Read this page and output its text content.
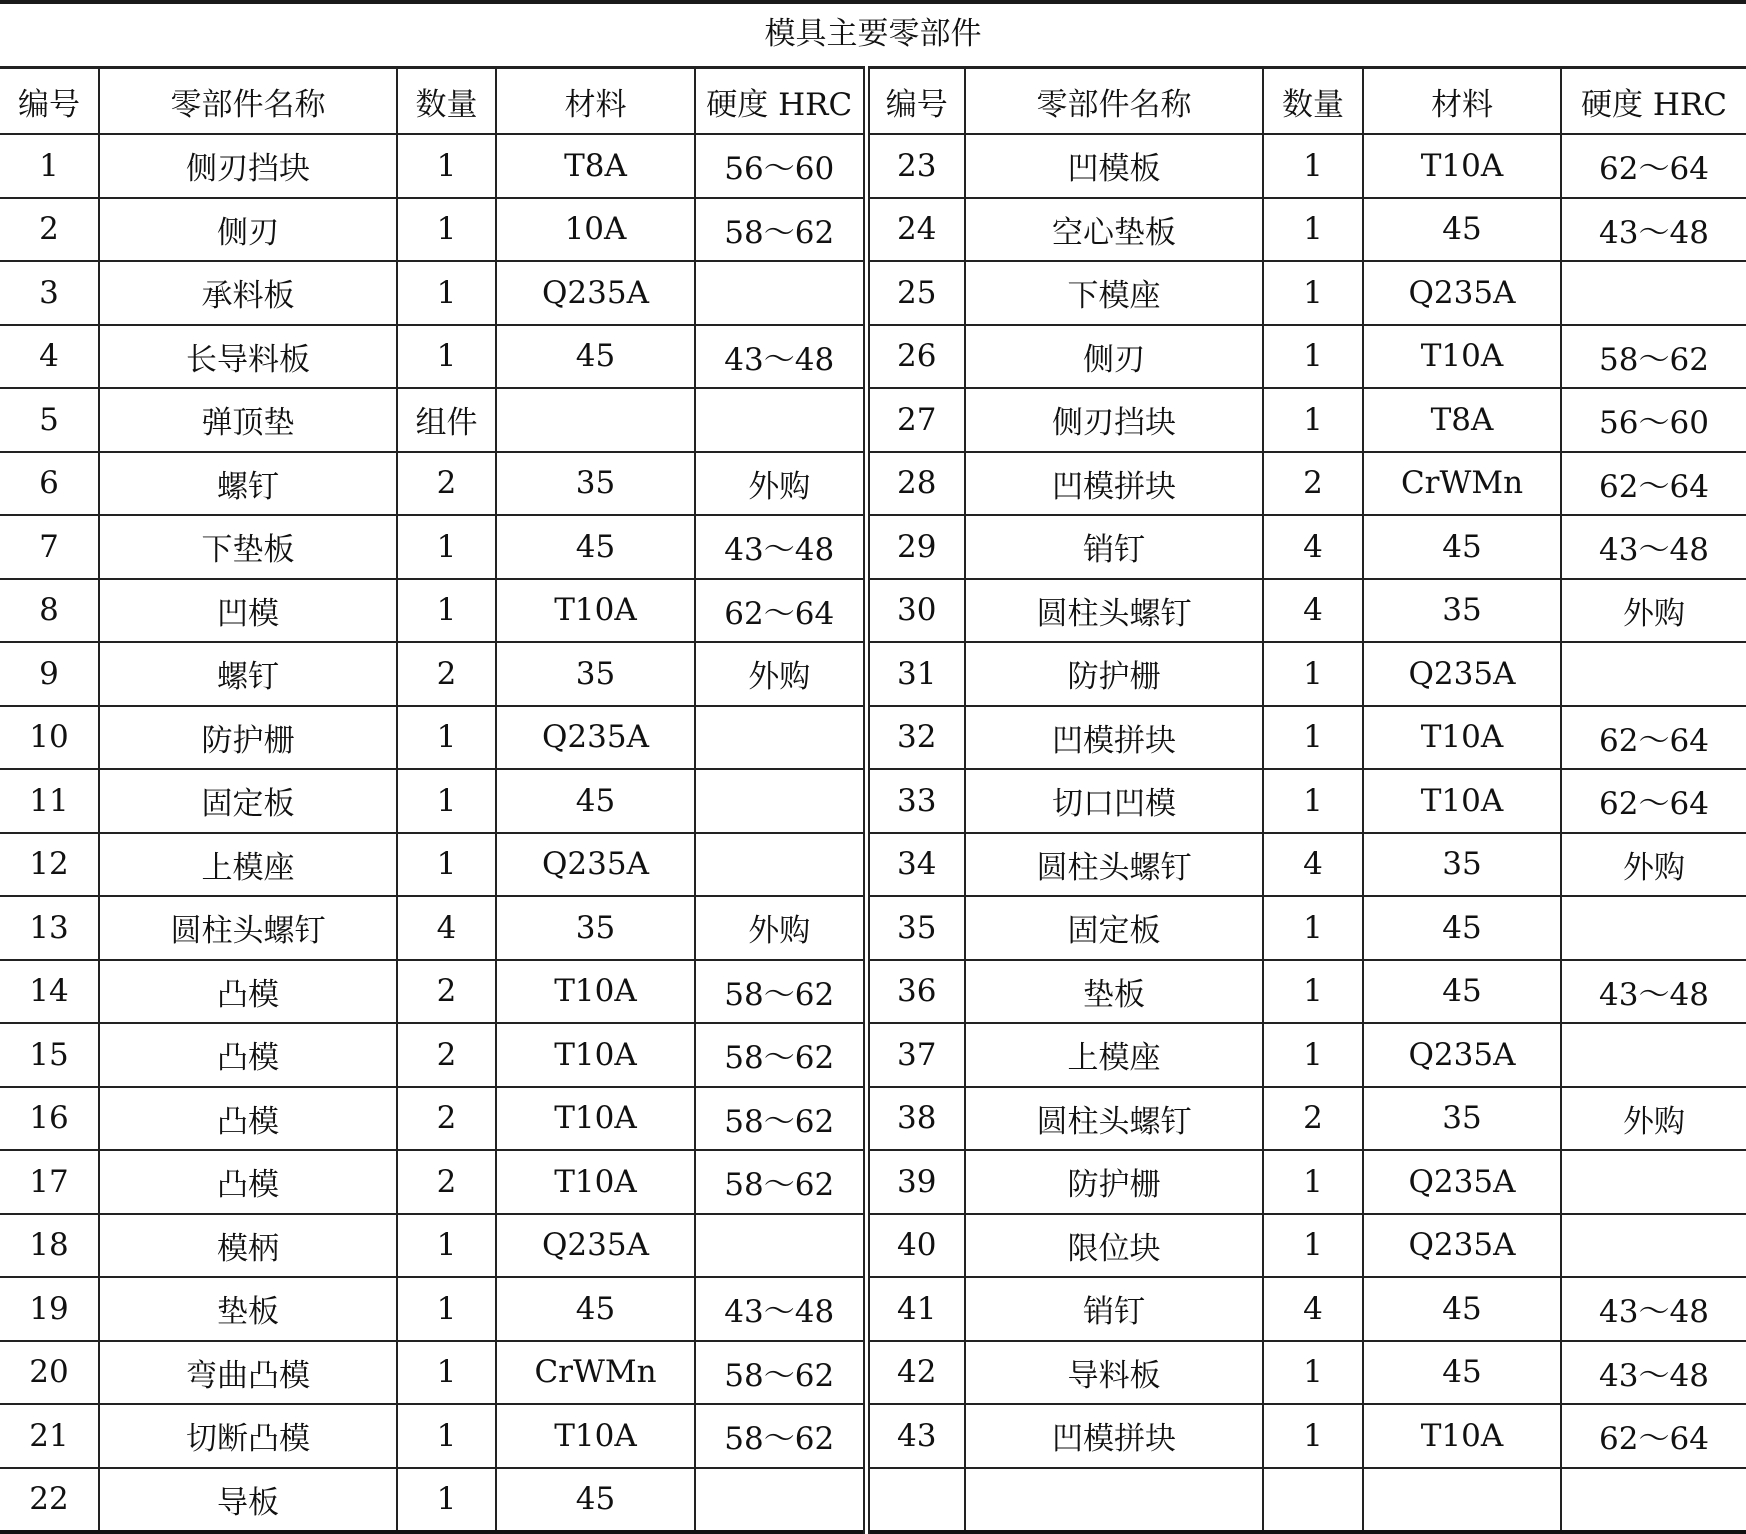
模具主要零部件
编号	零部件名称	数量	材料	硬度 HRC	编号	零部件名称	数量	材料	硬度 HRC
1	侧刃挡块	1	T8A	56～60	23	凹模板	1	T10A	62～64
2	侧刃	1	10A	58～62	24	空心垫板	1	45	43～48
3	承料板	1	Q235A		25	下模座	1	Q235A	
4	长导料板	1	45	43～48	26	侧刃	1	T10A	58～62
5	弹顶垫	组件			27	侧刃挡块	1	T8A	56～60
6	螺钉	2	35	外购	28	凹模拼块	2	CrWMn	62～64
7	下垫板	1	45	43～48	29	销钉	4	45	43～48
8	凹模	1	T10A	62～64	30	圆柱头螺钉	4	35	外购
9	螺钉	2	35	外购	31	防护栅	1	Q235A	
10	防护栅	1	Q235A		32	凹模拼块	1	T10A	62～64
11	固定板	1	45		33	切口凹模	1	T10A	62～64
12	上模座	1	Q235A		34	圆柱头螺钉	4	35	外购
13	圆柱头螺钉	4	35	外购	35	固定板	1	45	
14	凸模	2	T10A	58～62	36	垫板	1	45	43～48
15	凸模	2	T10A	58～62	37	上模座	1	Q235A	
16	凸模	2	T10A	58～62	38	圆柱头螺钉	2	35	外购
17	凸模	2	T10A	58～62	39	防护栅	1	Q235A	
18	模柄	1	Q235A		40	限位块	1	Q235A	
19	垫板	1	45	43～48	41	销钉	4	45	43～48
20	弯曲凸模	1	CrWMn	58～62	42	导料板	1	45	43～48
21	切断凸模	1	T10A	58～62	43	凹模拼块	1	T10A	62～64
22	导板	1	45						
